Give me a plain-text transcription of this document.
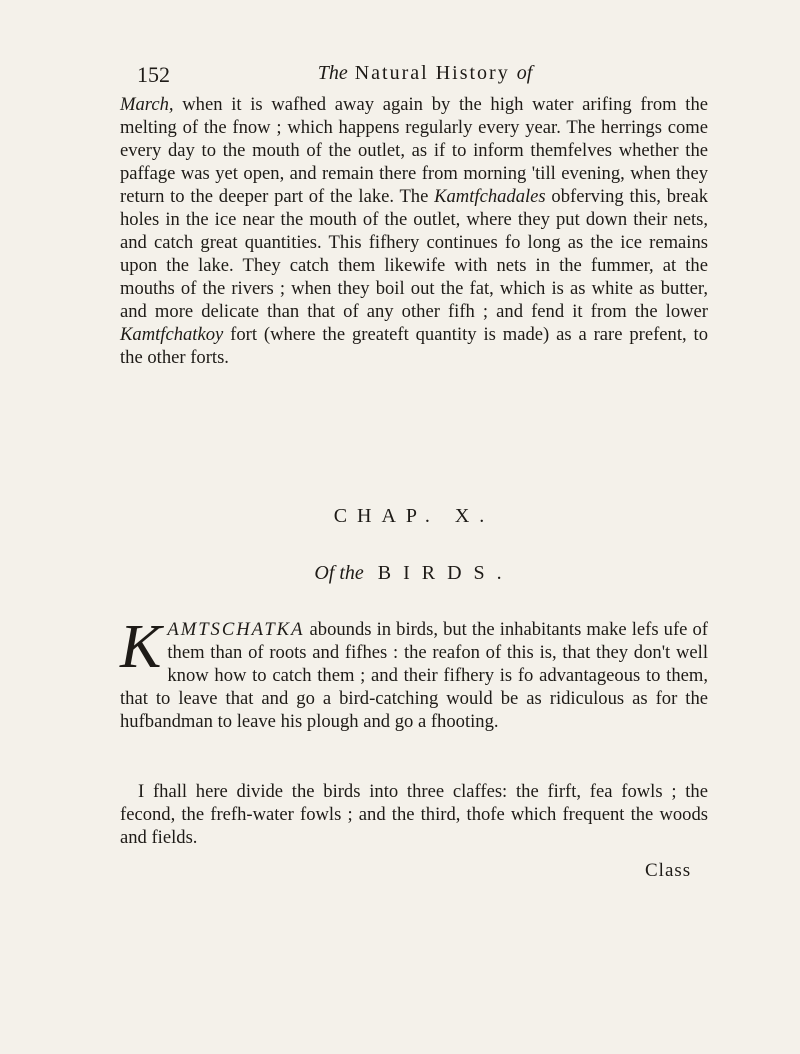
152	The Natural History of

March, when it is wafhed away again by the high water arifing from the melting of the fnow ; which happens regularly every year. The herrings come every day to the mouth of the outlet, as if to inform themfelves whether the paffage was yet open, and remain there from morning 'till evening, when they return to the deeper part of the lake. The Kamtfchadales obferving this, break holes in the ice near the mouth of the outlet, where they put down their nets, and catch great quantities. This fifhery continues fo long as the ice remains upon the lake. They catch them likewife with nets in the fummer, at the mouths of the rivers ; when they boil out the fat, which is as white as butter, and more delicate than that of any other fifh ; and fend it from the lower Kamtfchatkoy fort (where the greateft quantity is made) as a rare prefent, to the other forts.

CHAP. X.
Of the BIRDS.

KAMTSCHATKA abounds in birds, but the inhabitants make lefs ufe of them than of roots and fifhes : the reafon of this is, that they don't well know how to catch them ; and their fifhery is fo advantageous to them, that to leave that and go a bird-catching would be as ridiculous as for the hufbandman to leave his plough and go a fhooting.

I fhall here divide the birds into three claffes: the firft, fea fowls ; the fecond, the frefh-water fowls ; and the third, thofe which frequent the woods and fields.

Class
